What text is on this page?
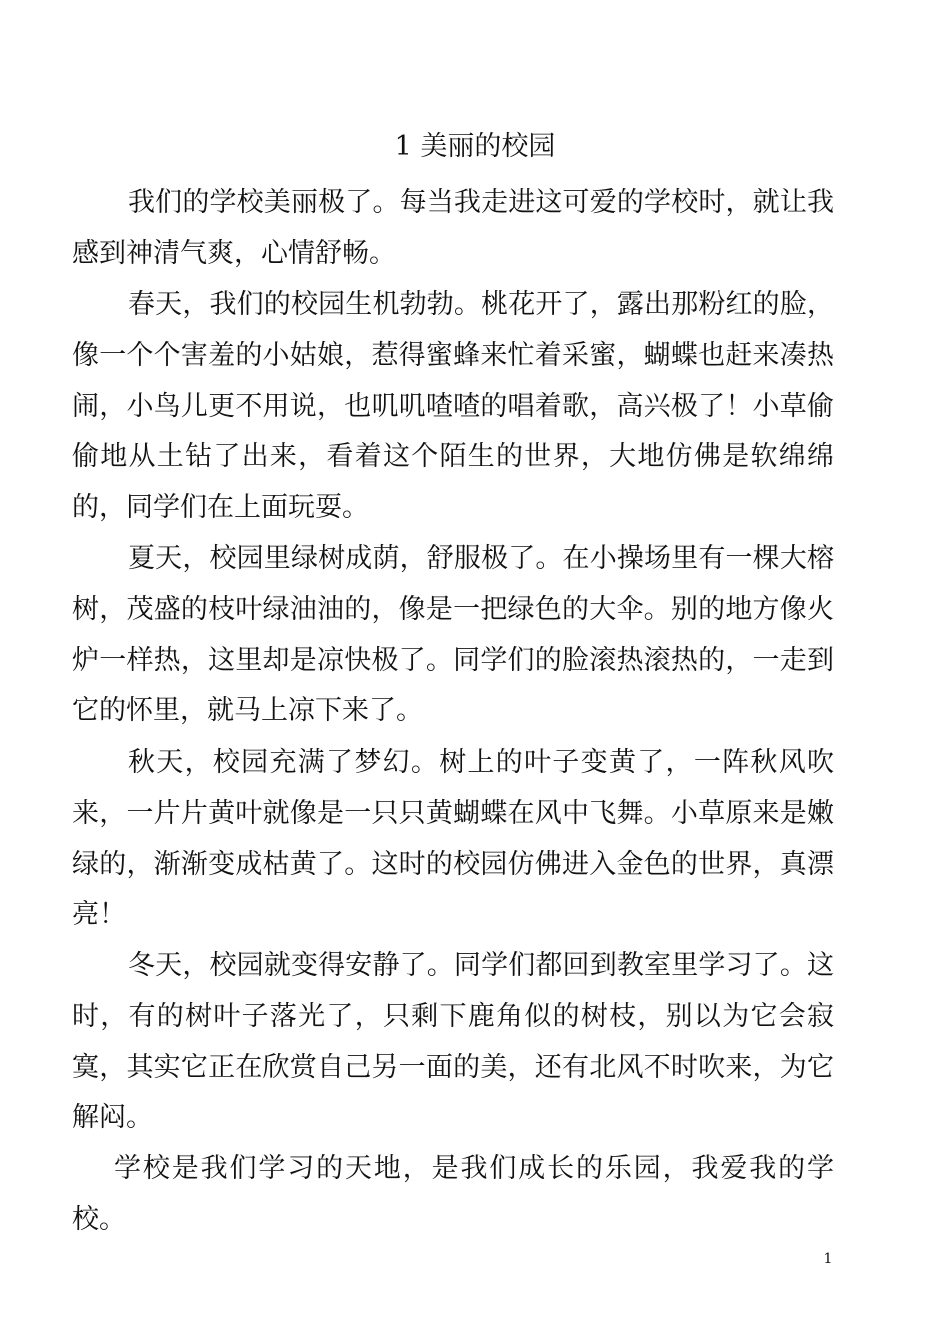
1 美丽的校园

我们的学校美丽极了。每当我走进这可爱的学校时，就让我感到神清气爽，心情舒畅。

春天，我们的校园生机勃勃。桃花开了，露出那粉红的脸，像一个个害羞的小姑娘，惹得蜜蜂来忙着采蜜，蝴蝶也赶来凑热闹，小鸟儿更不用说，也叽叽喳喳的唱着歌，高兴极了！小草偷偷地从土钻了出来，看着这个陌生的世界，大地仿佛是软绵绵的，同学们在上面玩耍。

夏天，校园里绿树成荫，舒服极了。在小操场里有一棵大榕树，茂盛的枝叶绿油油的，像是一把绿色的大伞。别的地方像火炉一样热，这里却是凉快极了。同学们的脸滚热滚热的，一走到它的怀里，就马上凉下来了。

秋天，校园充满了梦幻。树上的叶子变黄了，一阵秋风吹来，一片片黄叶就像是一只只黄蝴蝶在风中飞舞。小草原来是嫩绿的，渐渐变成枯黄了。这时的校园仿佛进入金色的世界，真漂亮！

冬天，校园就变得安静了。同学们都回到教室里学习了。这时，有的树叶子落光了，只剩下鹿角似的树枝，别以为它会寂寞，其实它正在欣赏自己另一面的美，还有北风不时吹来，为它解闷。

学校是我们学习的天地，是我们成长的乐园，我爱我的学校。

1
